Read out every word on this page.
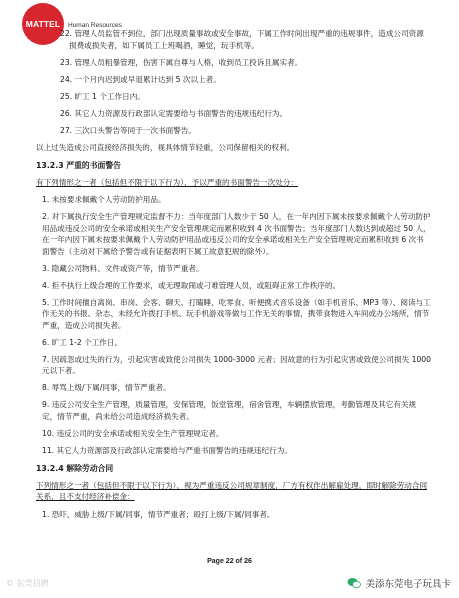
MATTEL	Human Resources
22. 管理人员监管不到位，部门出现质量事故或安全事故，下属工作时间出现严重的违规事件，造成公司资源损费或损失者，如下属员工上班喝酒，睡觉，玩手机等。
23. 管理人员粗暴管理，伤害下属自尊与人格，收到员工投诉且属实者。
24. 一个月内迟到或早退累计达到 5 次以上者。
25. 旷工 1 个工作日内。
26. 其它人力资源及行政部认定需要给与书面警告的违规违纪行为。
27. 三次口头警告等同于一次书面警告。
以上过失造成公司直接经济损失的，视具体情节轻重，公司保留相关的权利。
13.2.3 严重的书面警告
有下列情形之一者（包括但不限于以下行为），予以严重的书面警告一次处分：
1. 未按要求佩戴个人劳动防护用品。
2. 对下属执行安全生产管理规定监督不力：当年度部门人数少于 50 人，在一年内因下属未按要求佩戴个人劳动防护用品或违反公司的安全承诺或相关生产安全管理规定而累积收到 4 次书面警告；当年度部门人数达到或超过 50 人，在一年内因下属未按要求佩戴个人劳动防护用品或违反公司的安全承诺或相关生产安全管理规定而累积收到 6 次书面警告（主动对下属给予警告或有证据表明下属工故意犯规的除外）。
3. 隐藏公司物料、文件或资产等，情节严重者。
4. 拒不执行上级合理的工作要求，或无理取闹或刁难管理人员，或阻碍正常工作秩序的。
5. 工作时间擅自离岗、串岗、会客、聊天、打瞌睡、吃零食、听便携式音乐设备（如手机音乐、MP3 等）、阅读与工作无关的书报、杂志、未经允许拨打手机、玩手机游戏等做与工作无关的事情，携带食物进入车间或办公场所，情节严重，造成公司损失者。
6. 旷工 1-2 个工作日。
7. 因疏忽或过失的行为，引起灾害或致使公司损失 1000-3000 元者；因故意的行为引起灾害或致使公司损失 1000 元以下者。
8. 辱骂上级/下属/同事，情节严重者。
9. 违反公司安全生产管理，质量管理，安保管理，饭堂管理，宿舍管理，车辆摆放管理，考勤管理及其它有关规定，情节严重，尚未给公司造成经济损失者。
10. 违反公司的安全承诺或相关安全生产管理规定者。
11. 其它人力资源部及行政部认定需要给与严重书面警告的违规违纪行为。
13.2.4 解除劳动合同
下列情形之一者（包括但不限于以下行为），视为严重违反公司规章制度，厂方有权作出解雇处理，即时解除劳动合同关系，且不支付经济补偿金：
1. 恐吓、威胁上级/下属/同事，情节严重者；殴打上级/下属/同事者。
Page 22 of 26
© 东莞招聘	美添东莞电子玩具卡
